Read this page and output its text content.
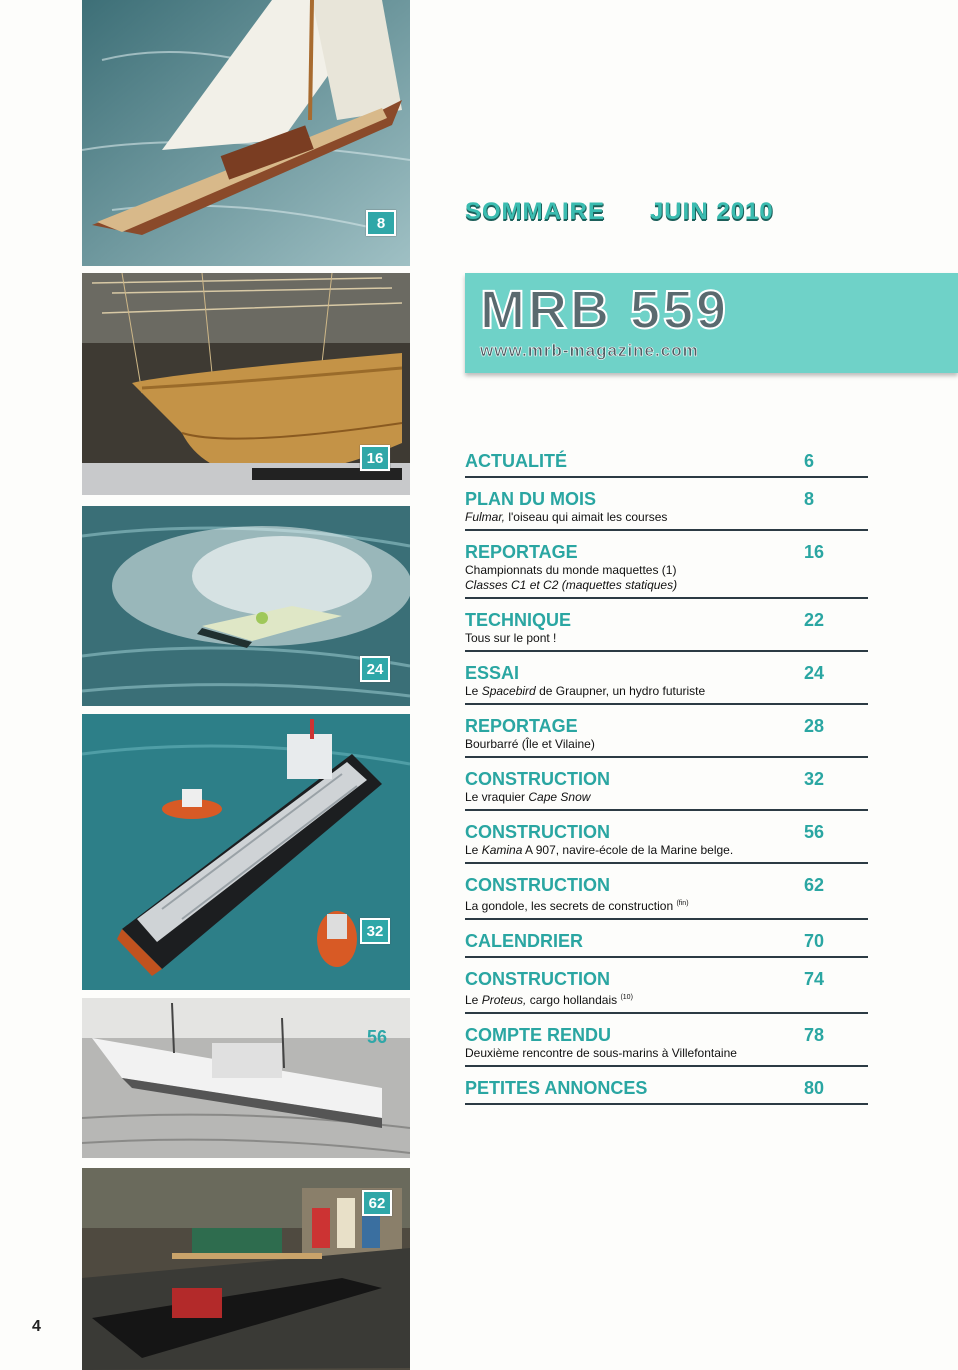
8
16
24
32
56
62
SOMMAIRE JUIN 2010
MRB 559
www.mrb-magazine.com
ACTUALITÉ	6
PLAN DU MOIS	8
Fulmar, l'oiseau qui aimait les courses
REPORTAGE	16
Championnats du monde maquettes (1)
Classes C1 et C2 (maquettes statiques)
TECHNIQUE	22
Tous sur le pont !
ESSAI	24
Le Spacebird de Graupner, un hydro futuriste
REPORTAGE	28
Bourbarré (Île et Vilaine)
CONSTRUCTION	32
Le vraquier Cape Snow
CONSTRUCTION	56
Le Kamina A 907, navire-école de la Marine belge.
CONSTRUCTION	62
La gondole, les secrets de construction $^{(fin)}$
CALENDRIER	70
CONSTRUCTION	74
Le Proteus, cargo hollandais $^{(10)}$
COMPTE RENDU	78
Deuxième rencontre de sous-marins à Villefontaine
PETITES ANNONCES	80
4
